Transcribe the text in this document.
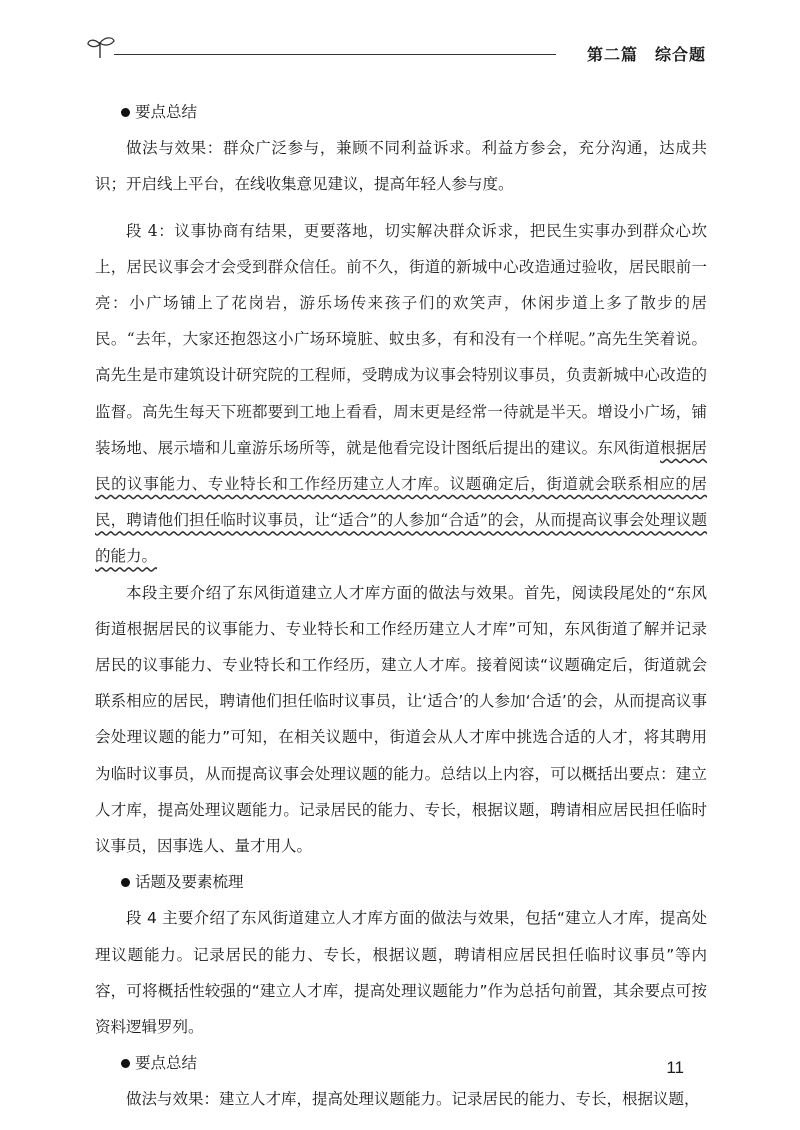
第二篇　综合题

要点总结

做法与效果：群众广泛参与，兼顾不同利益诉求。利益方参会，充分沟通，达成共识；开启线上平台，在线收集意见建议，提高年轻人参与度。

段 4：议事协商有结果，更要落地，切实解决群众诉求，把民生实事办到群众心坎上，居民议事会才会受到群众信任。前不久，街道的新城中心改造通过验收，居民眼前一亮：小广场铺上了花岗岩，游乐场传来孩子们的欢笑声，休闲步道上多了散步的居民。“去年，大家还抱怨这小广场环境脏、蚊虫多，有和没有一个样呢。”高先生笑着说。高先生是市建筑设计研究院的工程师，受聘成为议事会特别议事员，负责新城中心改造的监督。高先生每天下班都要到工地上看看，周末更是经常一待就是半天。增设小广场，铺装场地、展示墙和儿童游乐场所等，就是他看完设计图纸后提出的建议。东风街道根据居民的议事能力、专业特长和工作经历建立人才库。议题确定后，街道就会联系相应的居民，聘请他们担任临时议事员，让“适合”的人参加“合适”的会，从而提高议事会处理议题的能力。

本段主要介绍了东风街道建立人才库方面的做法与效果。首先，阅读段尾处的“东风街道根据居民的议事能力、专业特长和工作经历建立人才库”可知，东风街道了解并记录居民的议事能力、专业特长和工作经历，建立人才库。接着阅读“议题确定后，街道就会联系相应的居民，聘请他们担任临时议事员，让‘适合’的人参加‘合适’的会，从而提高议事会处理议题的能力”可知，在相关议题中，街道会从人才库中挑选合适的人才，将其聘用为临时议事员，从而提高议事会处理议题的能力。总结以上内容，可以概括出要点：建立人才库，提高处理议题能力。记录居民的能力、专长，根据议题，聘请相应居民担任临时议事员，因事选人、量才用人。

话题及要素梳理

段 4 主要介绍了东风街道建立人才库方面的做法与效果，包括“建立人才库，提高处理议题能力。记录居民的能力、专长，根据议题，聘请相应居民担任临时议事员”等内容，可将概括性较强的“建立人才库，提高处理议题能力”作为总括句前置，其余要点可按资料逻辑罗列。

要点总结

做法与效果：建立人才库，提高处理议题能力。记录居民的能力、专长，根据议题，

11
